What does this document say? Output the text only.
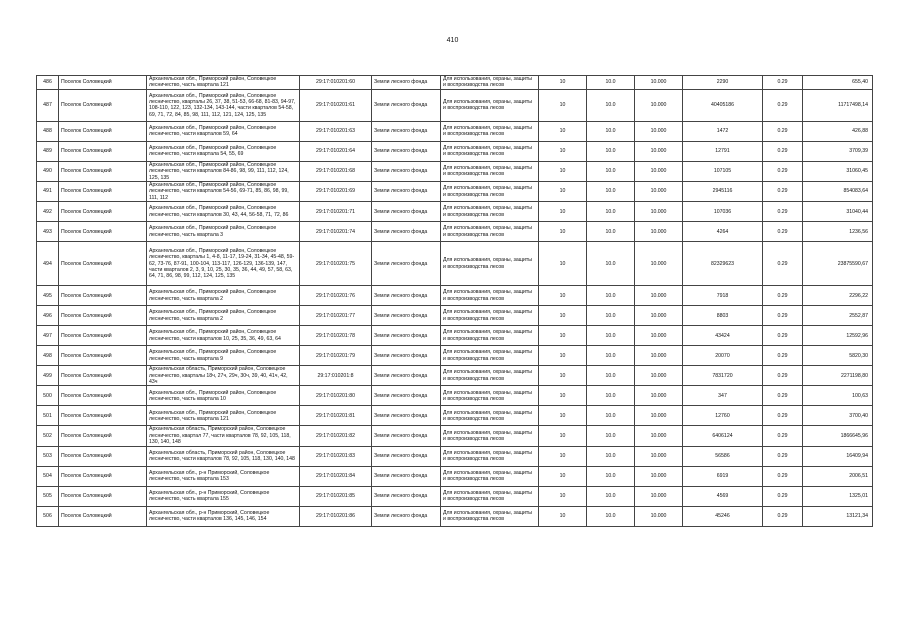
410
486	Поселок Соловецкий	Архангельская обл., Приморский район, Соловецкое лесничество, часть квартала 121	29:17:010201:60	Земли лесного фонда	Для использования, охраны, защиты и воспроизводства лесов	10	10.0	10.000	2290	0.29	655,40
487	Поселок Соловецкий	Архангельская обл., Приморский район, Соловецкое лесничество, кварталы 26, 37, 38, 51-53, 66-68, 81-83, 94-97, 108-110, 122, 123, 132-134, 143-144, части кварталов 54-58, 69, 71, 72, 84, 85, 98, 111, 112, 121, 124, 125, 135	29:17:010201:61	Земли лесного фонда	Для использования, охраны, защиты и воспроизводства лесов	10	10.0	10.000	40405186	0.29	11717498,14
488	Поселок Соловецкий	Архангельская обл., Приморский район, Соловецкое лесничество, части кварталов 59, 64	29:17:010201:63	Земли лесного фонда	Для использования, охраны, защиты и воспроизводства лесов	10	10.0	10.000	1472	0.29	426,88
489	Поселок Соловецкий	Архангельская обл., Приморский район, Соловецкое лесничество, части квартала 54, 55, 69	29:17:010201:64	Земли лесного фонда	Для использования, охраны, защиты и воспроизводства лесов	10	10.0	10.000	12791	0.29	3709,39
490	Поселок Соловецкий	Архангельская обл., Приморский район, Соловецкое лесничество, части кварталов 84-86, 98, 99, 111, 112, 124, 125, 135	29:17:010201:68	Земли лесного фонда	Для использования, охраны, защиты и воспроизводства лесов	10	10.0	10.000	107105	0.29	31060,45
491	Поселок Соловецкий	Архангельская обл., Приморский район, Соловецкое лесничество, части кварталов 54-56, 69-71, 85, 86, 98, 99, 111, 112	29:17:010201:69	Земли лесного фонда	Для использования, охраны, защиты и воспроизводства лесов	10	10.0	10.000	2945116	0.29	854083,64
492	Поселок Соловецкий	Архангельская обл., Приморский район, Соловецкое лесничество, части кварталов 30, 43, 44, 56-58, 71, 72, 86	29:17:010201:71	Земли лесного фонда	Для использования, охраны, защиты и воспроизводства лесов	10	10.0	10.000	107036	0.29	31040,44
493	Поселок Соловецкий	Архангельская обл., Приморский район, Соловецкое лесничество, часть квартала 3	29:17:010201:74	Земли лесного фонда	Для использования, охраны, защиты и воспроизводства лесов	10	10.0	10.000	4264	0.29	1236,56
494	Поселок Соловецкий	Архангельская обл., Приморский район, Соловецкое лесничество, кварталы 1, 4-8, 11-17, 19-24, 31-34, 45-48, 59-62, 73-76, 87-91, 100-104, 113-117, 126-129, 136-139, 147, части кварталов 2, 3, 9, 10, 25, 30, 35, 36, 44, 49, 57, 58, 63, 64, 71, 86, 98, 99, 112, 124, 125, 135	29:17:010201:75	Земли лесного фонда	Для использования, охраны, защиты и воспроизводства лесов	10	10.0	10.000	82329623	0.29	23875590,67
495	Поселок Соловецкий	Архангельская обл., Приморский район, Соловецкое лесничество, часть квартала 2	29:17:010201:76	Земли лесного фонда	Для использования, охраны, защиты и воспроизводства лесов	10	10.0	10.000	7918	0.29	2296,22
496	Поселок Соловецкий	Архангельская обл., Приморский район, Соловецкое лесничество, часть квартала 2	29:17:010201:77	Земли лесного фонда	Для использования, охраны, защиты и воспроизводства лесов	10	10.0	10.000	8803	0.29	2552,87
497	Поселок Соловецкий	Архангельская обл., Приморский район, Соловецкое лесничество, части кварталов 10, 25, 35, 36, 49, 63, 64	29:17:010201:78	Земли лесного фонда	Для использования, охраны, защиты и воспроизводства лесов	10	10.0	10.000	43424	0.29	12592,96
498	Поселок Соловецкий	Архангельская обл., Приморский район, Соловецкое лесничество, часть квартала 9	29:17:010201:79	Земли лесного фонда	Для использования, охраны, защиты и воспроизводства лесов	10	10.0	10.000	20070	0.29	5820,30
499	Поселок Соловецкий	Архангельская область, Приморский район, Соловецкое лесничество, кварталы 18ч, 27ч, 29ч, 30ч, 39, 40, 41ч, 42, 43ч	29:17:010201:8	Земли лесного фонда	Для использования, охраны, защиты и воспроизводства лесов	10	10.0	10.000	7831720	0.29	2271198,80
500	Поселок Соловецкий	Архангельская обл., Приморский район, Соловецкое лесничество, часть квартала 10	29:17:010201:80	Земли лесного фонда	Для использования, охраны, защиты и воспроизводства лесов	10	10.0	10.000	347	0.29	100,63
501	Поселок Соловецкий	Архангельская обл., Приморский район, Соловецкое лесничество, часть квартала 121	29:17:010201:81	Земли лесного фонда	Для использования, охраны, защиты и воспроизводства лесов	10	10.0	10.000	12760	0.29	3700,40
502	Поселок Соловецкий	Архангельская область, Приморский район, Соловецкое лесничество, квартал 77, части кварталов 78, 92, 105, 118, 130, 140, 148	29:17:010201:82	Земли лесного фонда	Для использования, охраны, защиты и воспроизводства лесов	10	10.0	10.000	6406124	0.29	1866645,96
503	Поселок Соловецкий	Архангельская область, Приморский район, Соловецкое лесничество, части кварталов 78, 92, 105, 118, 130, 140, 148	29:17:010201:83	Земли лесного фонда	Для использования, охраны, защиты и воспроизводства лесов	10	10.0	10.000	56586	0.29	16409,94
504	Поселок Соловецкий	Архангельская обл., р-н Приморский, Соловецкое лесничество, часть квартала 153	29:17:010201:84	Земли лесного фонда	Для использования, охраны, защиты и воспроизводства лесов	10	10.0	10.000	6919	0.29	2006,51
505	Поселок Соловецкий	Архангельская обл., р-н Приморский, Соловецкое лесничество, часть квартала 155	29:17:010201:85	Земли лесного фонда	Для использования, охраны, защиты и воспроизводства лесов	10	10.0	10.000	4569	0.29	1325,01
506	Поселок Соловецкий	Архангельская обл., р-н Приморский, Соловецкое лесничество, части кварталов 136, 145, 146, 154	29:17:010201:86	Земли лесного фонда	Для использования, охраны, защиты и воспроизводства лесов	10	10.0	10.000	45246	0.29	13121,34
